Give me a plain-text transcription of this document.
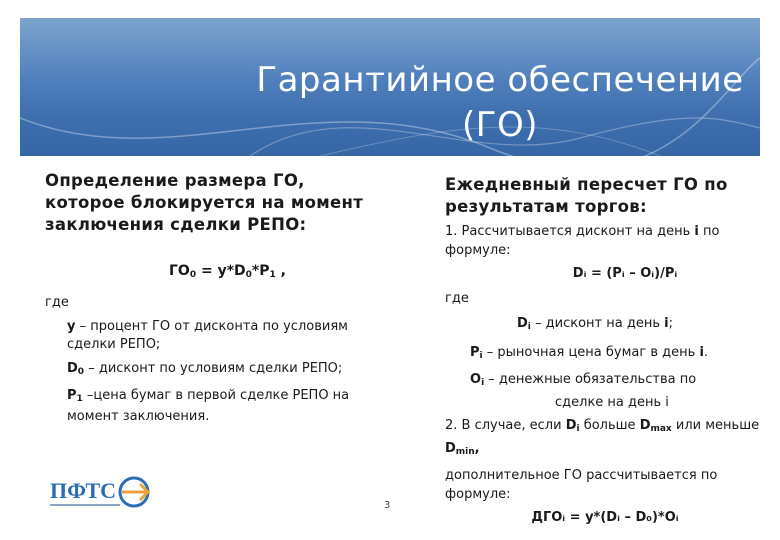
Гарантийное обеспечение
(ГО)

Определение размера ГО, которое блокируется на момент заключения сделки РЕПО:

$ГО_0 = y*D_0*P_1$ ,

где

y – процент ГО от дисконта по условиям сделки РЕПО;

$D_0$ – дисконт по условиям сделки РЕПО;

$P_1$ –цена бумаг в первой сделке РЕПО на момент заключения.

Ежедневный пересчет ГО по результатам торгов:

1. Рассчитывается дисконт на день i по формуле:

Dᵢ = (Pᵢ – Oᵢ)/Pᵢ

где

$D_i$ – дисконт на день i;

$P_i$ – рыночная цена бумаг в день i.

$O_i$ – денежные обязательства по

сделке на день i

2. В случае, если $D_i$ больше $D_{max}$ или меньше $D_{min}$,

дополнительное ГО рассчитывается по формуле:

ДГОᵢ = y*(Dᵢ – D₀)*Oᵢ

ПФТС
3
